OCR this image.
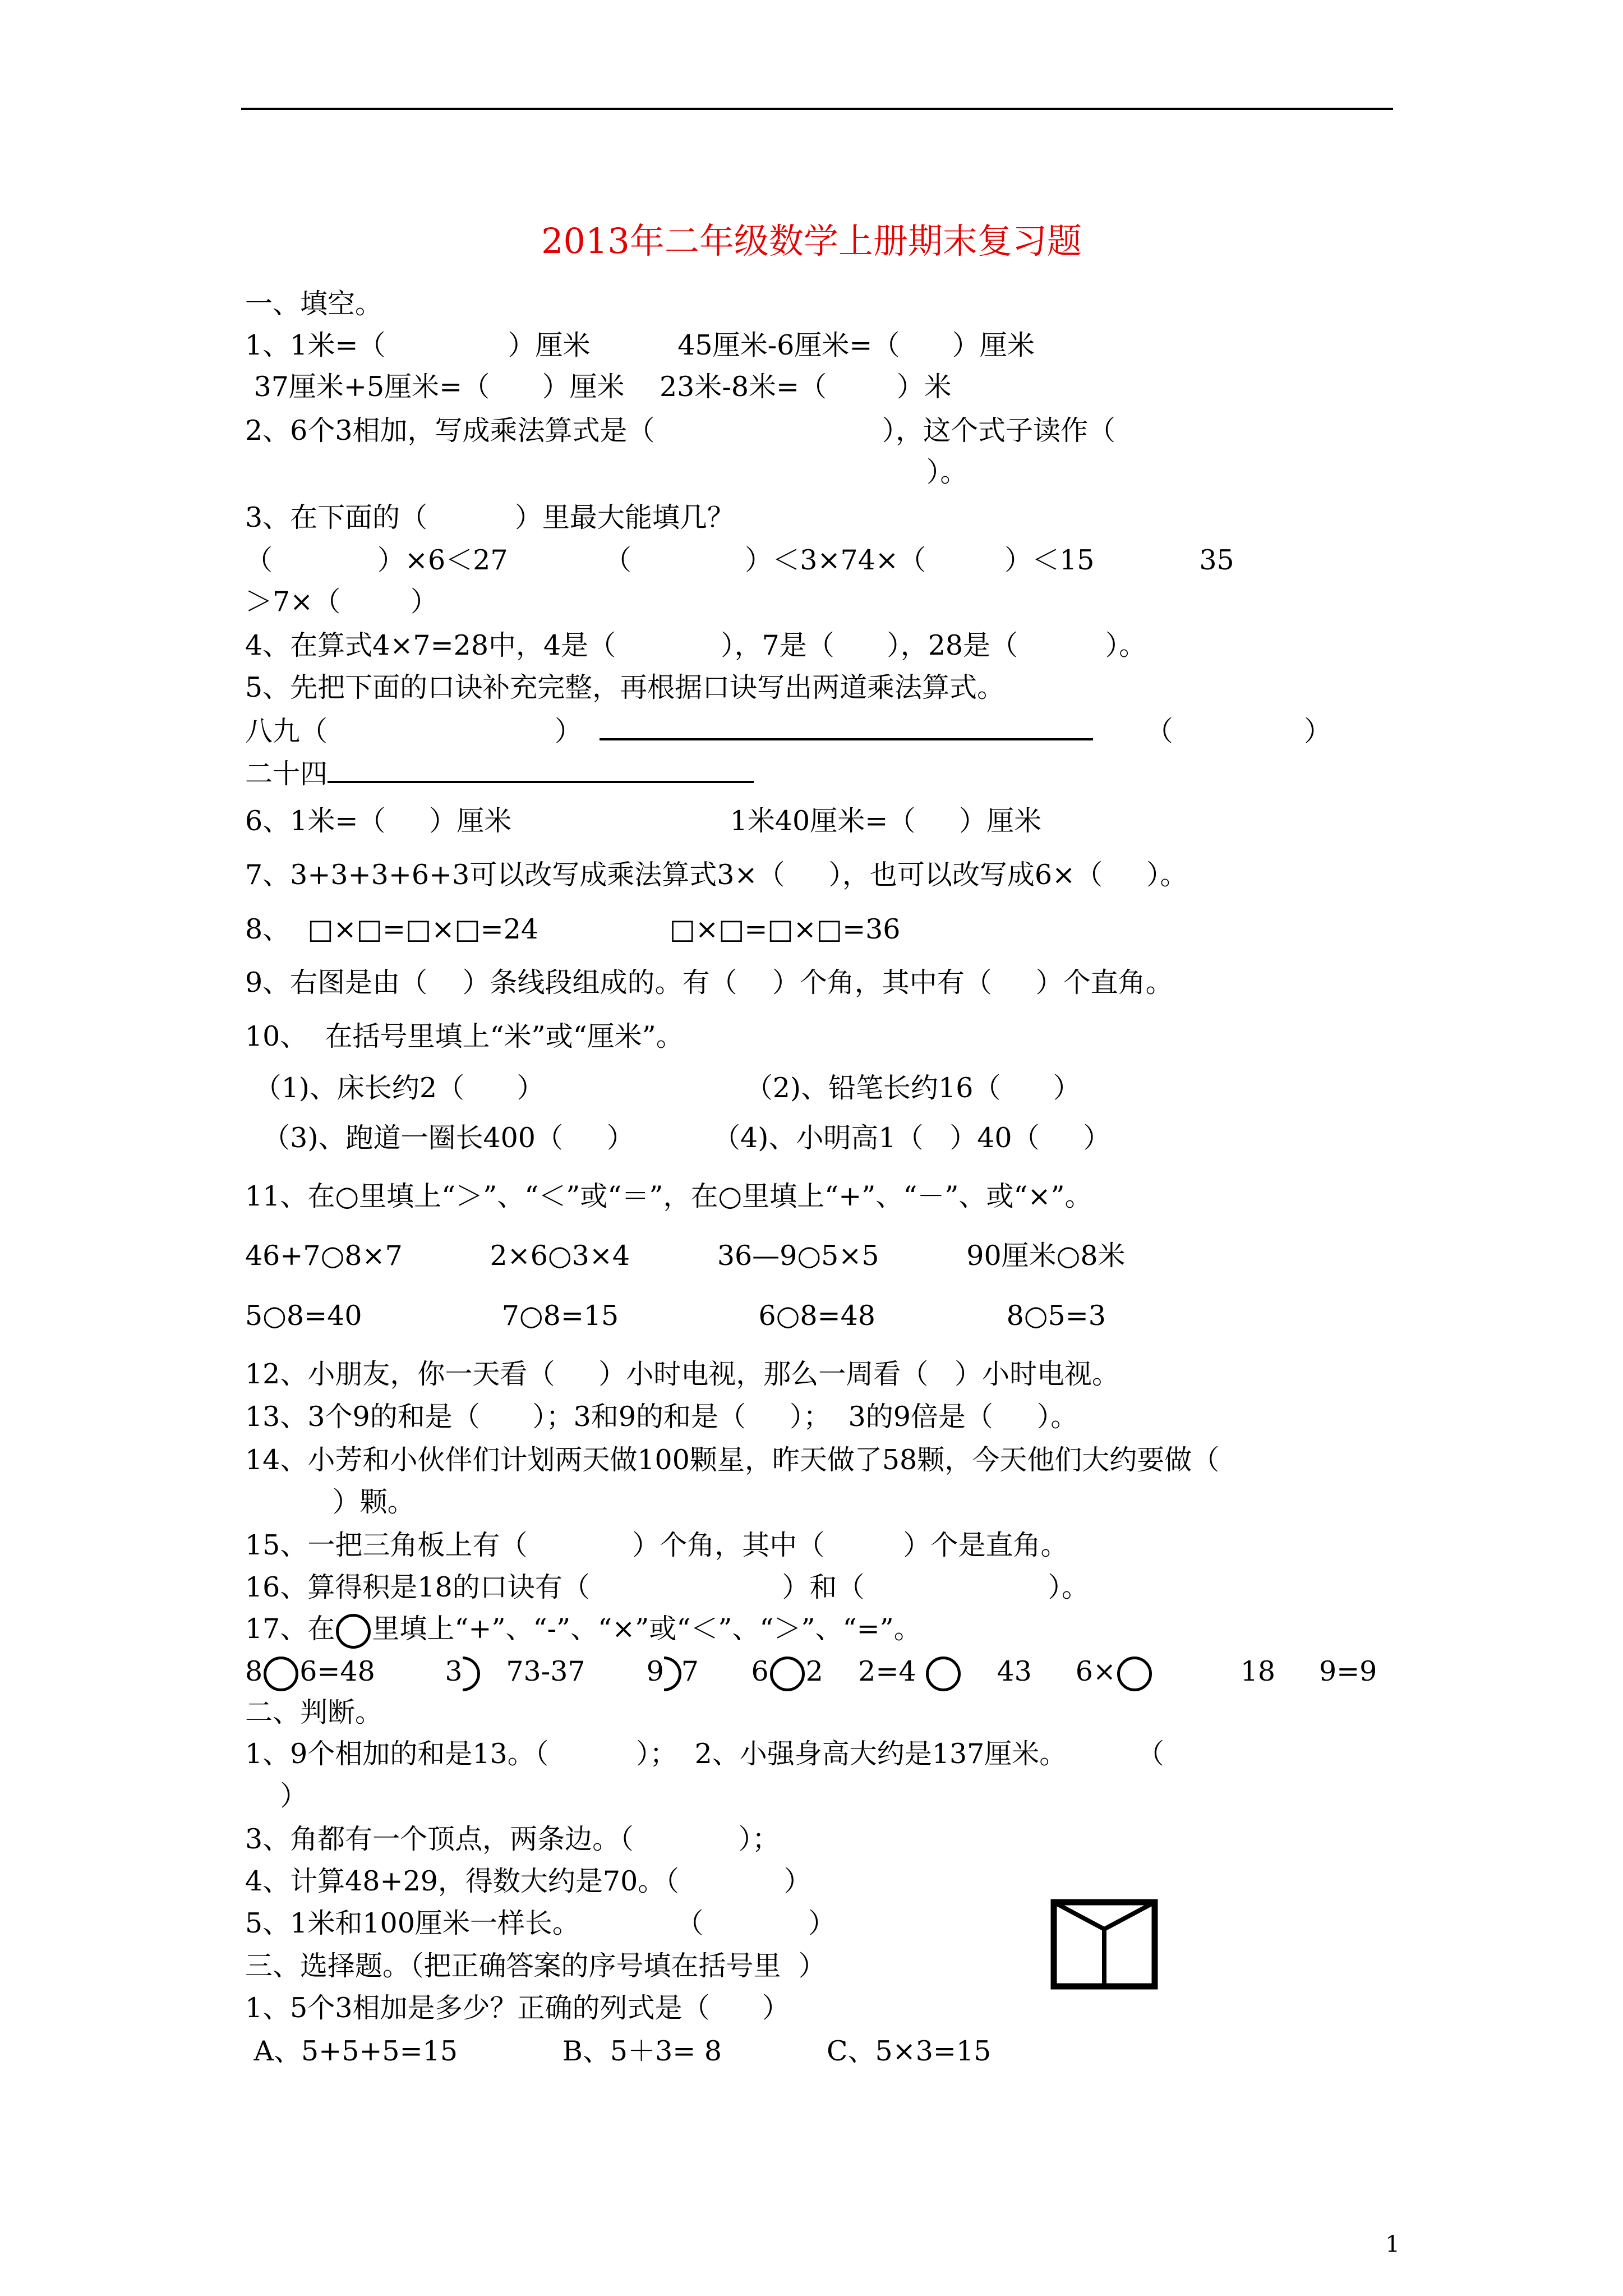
2013年二年级数学上册期末复习题
一、填空。
1、1米=（              ）厘米          45厘米-6厘米=（      ）厘米
37厘米+5厘米=（      ）厘米    23米-8米=（        ）米
2、6个3相加，写成乘法算式是（                          ），这个式子读作（
）。
3、在下面的（          ）里最大能填几？
（            ）×6＜27           （             ）＜3×74×（         ）＜15            35
＞7×（        ）
4、在算式4×7=28中，4是（            ），7是（      ），28是（          ）。
5、先把下面的口诀补充完整，再根据口诀写出两道乘法算式。
八九（                          ）	（               ）
二十四
6、1米=（     ）厘米                         1米40厘米=（     ）厘米
7、3+3+3+6+3可以改写成乘法算式3×（     ），也可以改写成6×（     ）。
8、  □×□=□×□=24               □×□=□×□=36
9、右图是由（    ）条线段组成的。有（    ）个角，其中有（     ）个直角。
10、  在括号里填上“米”或“厘米”。
（1)、床长约2（      ）                       （2)、铅笔长约16（      ）
（3)、跑道一圈长400（     ）         （4)、小明高1（   ）40（     ）
11、在○里填上“＞”、“＜”或“＝”，在○里填上“+”、“－”、或“×”。
46+7○8×7          2×6○3×4          36—9○5×5          90厘米○8米
5○8=40                7○8=15                6○8=48               8○5=3
12、小朋友，你一天看（     ）小时电视，那么一周看（   ）小时电视。
13、3个9的和是（      ）；3和9的和是（     ）；  3的9倍是（     ）。
14、小芳和小伙伴们计划两天做100颗星，昨天做了58颗，今天他们大约要做（
）颗。
15、一把三角板上有（            ）个角，其中（         ）个是直角。
16、算得积是18的口诀有（                      ）和（                     ）。
17、在 里填上“+”、“-”、“×”或“＜”、“＞”、“=”。
8 6=48	3 73-37 9 7 6 2 2=4	43 6×	18 9=9
二、判断。
1、9个相加的和是13。（          ）；  2、小强身高大约是137厘米。        （
）
3、角都有一个顶点，两条边。（            ）；
4、计算48+29，得数大约是70。（            ）
5、1米和100厘米一样长。           （            ）
三、选择题。（把正确答案的序号填在括号里  ）
1、5个3相加是多少？正确的列式是（      ）
A、5+5+5=15            B、5＋3= 8            C、5×3=15
1
